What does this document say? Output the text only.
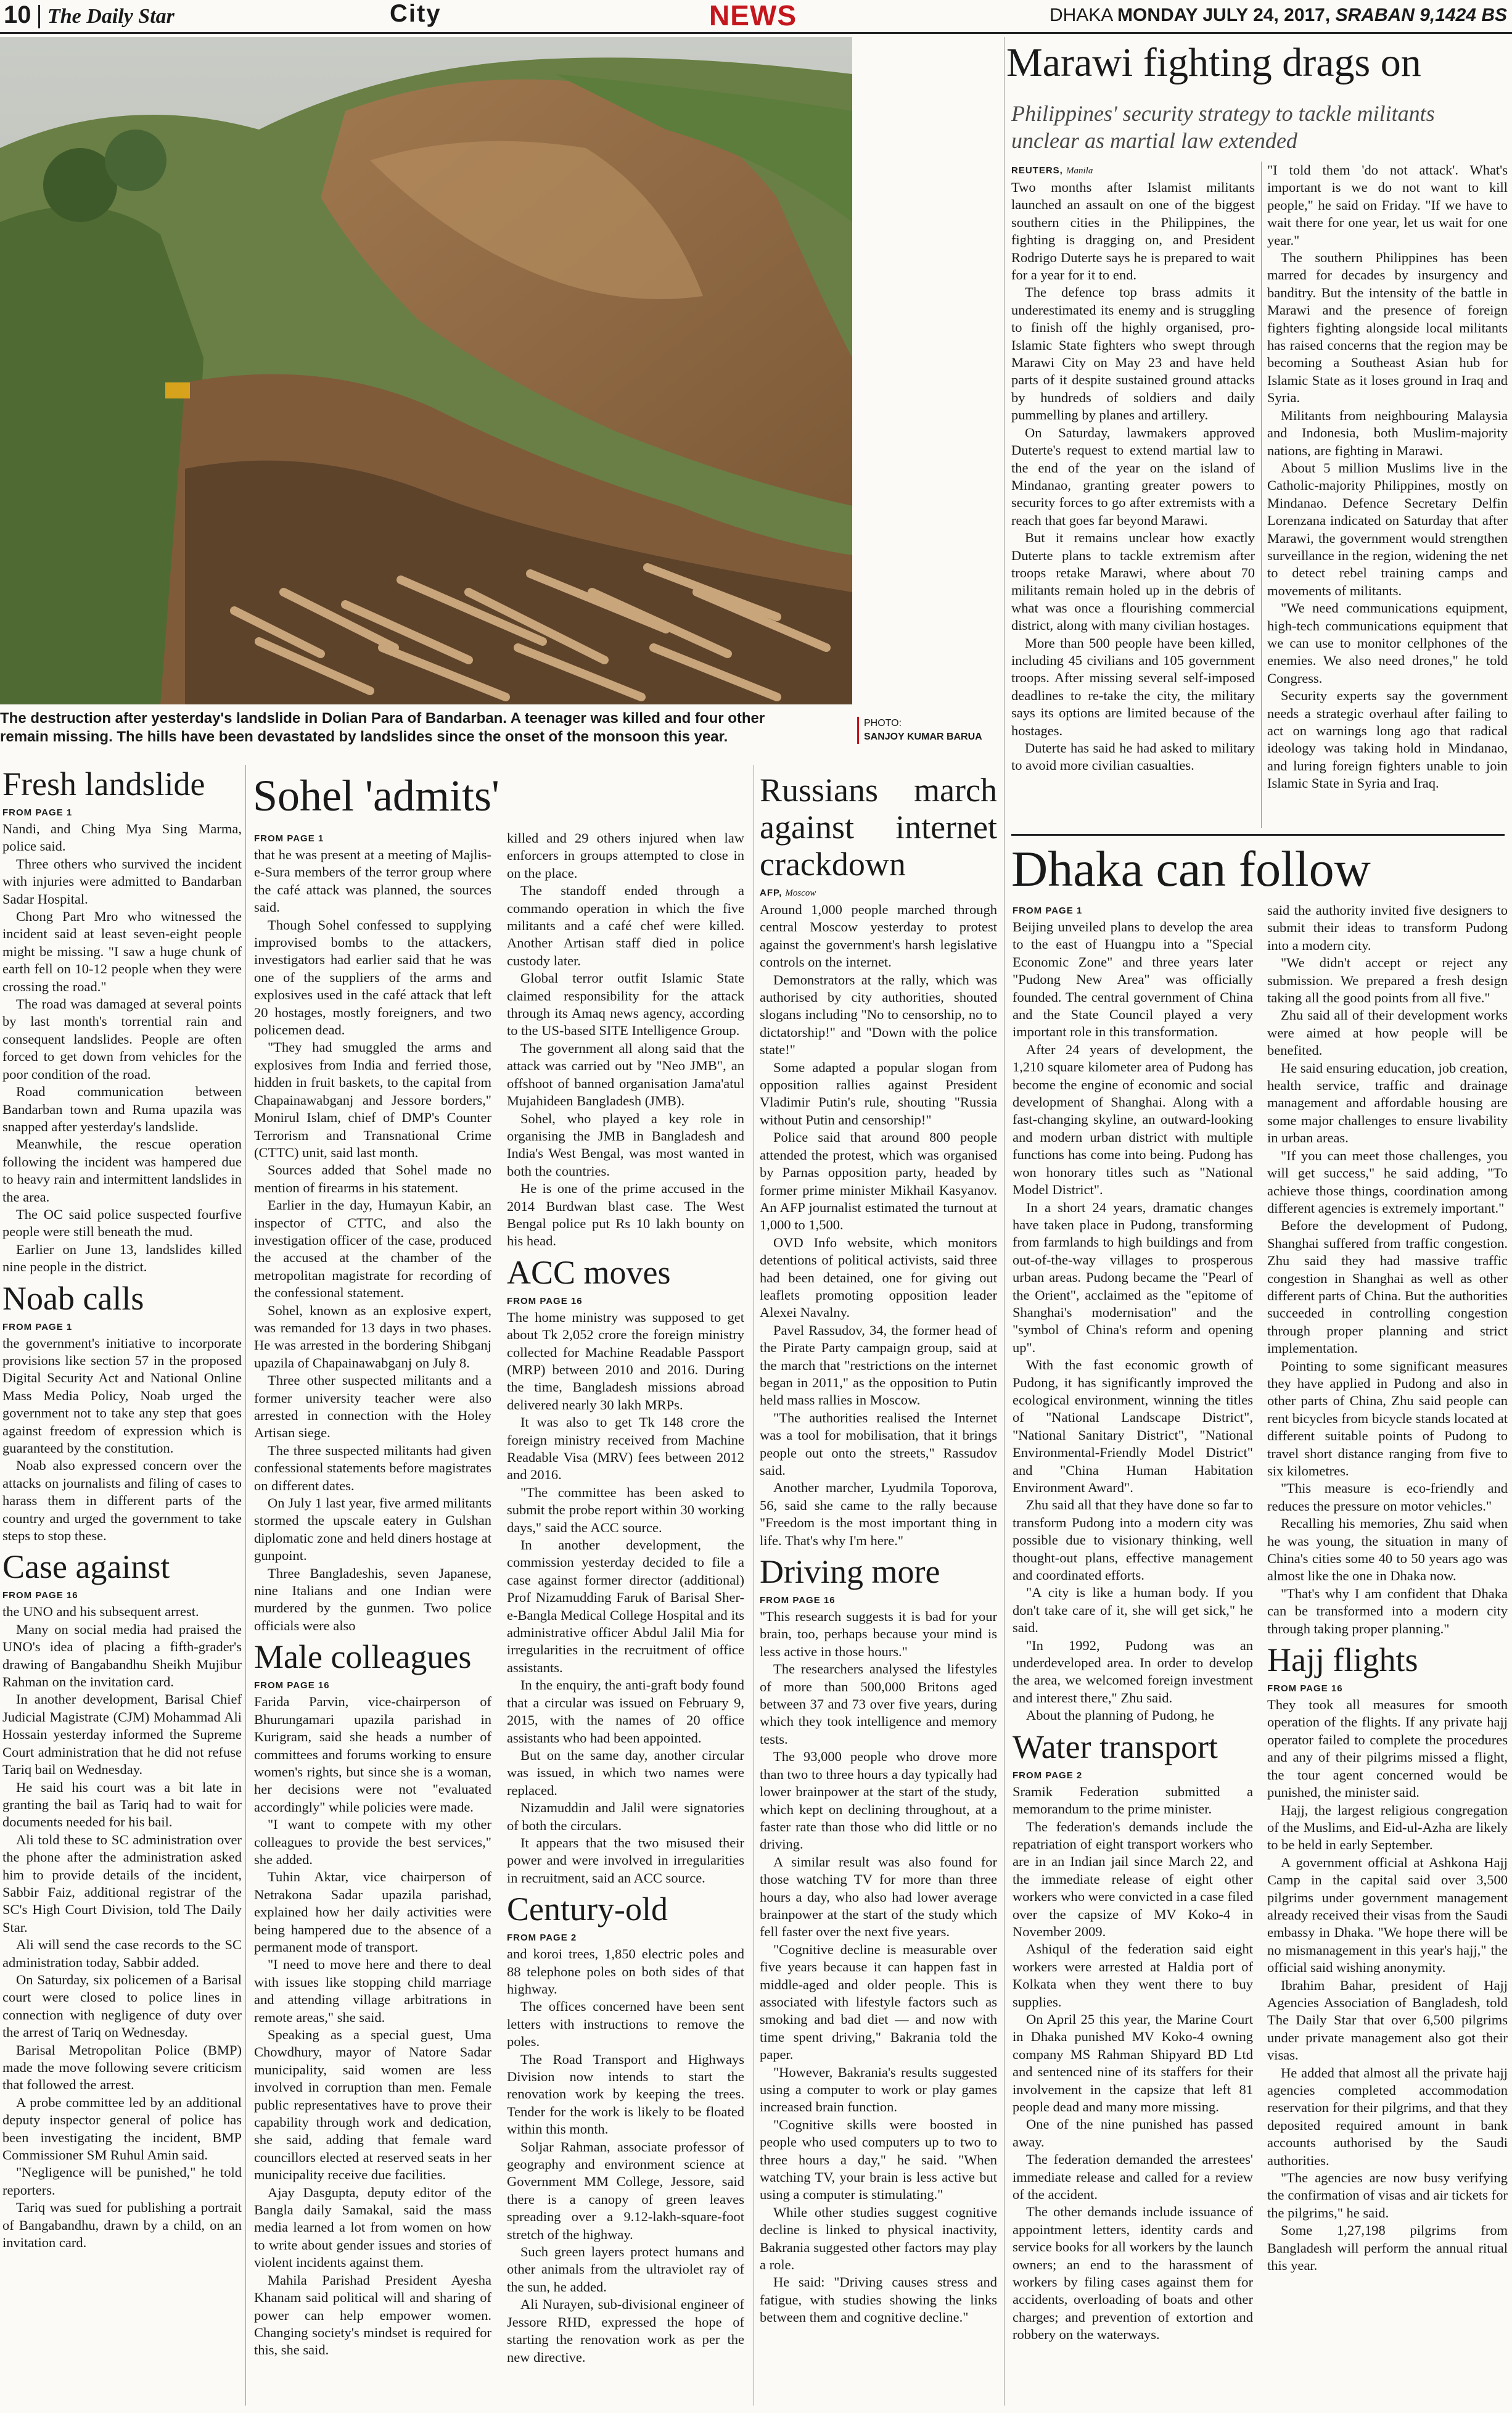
10 The Daily Star	City	NEWS	DHAKA MONDAY JULY 24, 2017, SRABAN 9,1424 BS
The destruction after yesterday's landslide in Dolian Para of Bandarban. A teenager was killed and four other remain missing. The hills have been devastated by landslides since the onset of the monsoon this year.
PHOTO:
SANJOY KUMAR BARUA
Marawi fighting drags on
Philippines' security strategy to tackle militants unclear as martial law extended
REUTERS, Manila

Two months after Islamist militants launched an assault on one of the biggest southern cities in the Philippines, the fighting is dragging on, and President Rodrigo Duterte says he is prepared to wait for a year for it to end.

The defence top brass admits it underestimated its enemy and is struggling to finish off the highly organised, pro-Islamic State fighters who swept through Marawi City on May 23 and have held parts of it despite sustained ground attacks by hundreds of soldiers and daily pummelling by planes and artillery.

On Saturday, lawmakers approved Duterte's request to extend martial law to the end of the year on the island of Mindanao, granting greater powers to security forces to go after extremists with a reach that goes far beyond Marawi.

But it remains unclear how exactly Duterte plans to tackle extremism after troops retake Marawi, where about 70 militants remain holed up in the debris of what was once a flourishing commercial district, along with many civilian hostages.

More than 500 people have been killed, including 45 civilians and 105 government troops. After missing several self-imposed deadlines to re-take the city, the military says its options are limited because of the hostages.

Duterte has said he had asked to military to avoid more civilian casualties.

"I told them 'do not attack'. What's important is we do not want to kill people," he said on Friday. "If we have to wait there for one year, let us wait for one year."

The southern Philippines has been marred for decades by insurgency and banditry. But the intensity of the battle in Marawi and the presence of foreign fighters fighting alongside local militants has raised concerns that the region may be becoming a Southeast Asian hub for Islamic State as it loses ground in Iraq and Syria.

Militants from neighbouring Malaysia and Indonesia, both Muslim-majority nations, are fighting in Marawi.

About 5 million Muslims live in the Catholic-majority Philippines, mostly on Mindanao. Defence Secretary Delfin Lorenzana indicated on Saturday that after Marawi, the government would strengthen surveillance in the region, widening the net to detect rebel training camps and movements of militants.

"We need communications equipment, high-tech communications equipment that we can use to monitor cellphones of the enemies. We also need drones," he told Congress.

Security experts say the government needs a strategic overhaul after failing to act on warnings long ago that radical ideology was taking hold in Mindanao, and luring foreign fighters unable to join Islamic State in Syria and Iraq.

Fresh landslide
FROM PAGE 1

Nandi, and Ching Mya Sing Marma, police said.

Three others who survived the incident with injuries were admitted to Bandarban Sadar Hospital.

Chong Part Mro who witnessed the incident said at least seven-eight people might be missing. "I saw a huge chunk of earth fell on 10-12 people when they were crossing the road."

The road was damaged at several points by last month's torrential rain and consequent landslides. People are often forced to get down from vehicles for the poor condition of the road.

Road communication between Bandarban town and Ruma upazila was snapped after yesterday's landslide.

Meanwhile, the rescue operation following the incident was hampered due to heavy rain and intermittent landslides in the area.

The OC said police suspected fourfive people were still beneath the mud.

Earlier on June 13, landslides killed nine people in the district.

Noab calls
FROM PAGE 1

the government's initiative to incorporate provisions like section 57 in the proposed Digital Security Act and National Online Mass Media Policy, Noab urged the government not to take any step that goes against freedom of expression which is guaranteed by the constitution.

Noab also expressed concern over the attacks on journalists and filing of cases to harass them in different parts of the country and urged the government to take steps to stop these.

Case against
FROM PAGE 16

the UNO and his subsequent arrest.

Many on social media had praised the UNO's idea of placing a fifth-grader's drawing of Bangabandhu Sheikh Mujibur Rahman on the invitation card.

In another development, Barisal Chief Judicial Magistrate (CJM) Mohammad Ali Hossain yesterday informed the Supreme Court administration that he did not refuse Tariq bail on Wednesday.

He said his court was a bit late in granting the bail as Tariq had to wait for documents needed for his bail.

Ali told these to SC administration over the phone after the administration asked him to provide details of the incident, Sabbir Faiz, additional registrar of the SC's High Court Division, told The Daily Star.

Ali will send the case records to the SC administration today, Sabbir added.

On Saturday, six policemen of a Barisal court were closed to police lines in connection with negligence of duty over the arrest of Tariq on Wednesday.

Barisal Metropolitan Police (BMP) made the move following severe criticism that followed the arrest.

A probe committee led by an additional deputy inspector general of police has been investigating the incident, BMP Commissioner SM Ruhul Amin said.

"Negligence will be punished," he told reporters.

Tariq was sued for publishing a portrait of Bangabandhu, drawn by a child, on an invitation card.

Sohel 'admits'
FROM PAGE 1

that he was present at a meeting of Majlis-e-Sura members of the terror group where the café attack was planned, the sources said.

Though Sohel confessed to supplying improvised bombs to the attackers, investigators had earlier said that he was one of the suppliers of the arms and explosives used in the café attack that left 20 hostages, mostly foreigners, and two policemen dead.

"They had smuggled the arms and explosives from India and ferried those, hidden in fruit baskets, to the capital from Chapainawabganj and Jessore borders," Monirul Islam, chief of DMP's Counter Terrorism and Transnational Crime (CTTC) unit, said last month.

Sources added that Sohel made no mention of firearms in his statement.

Earlier in the day, Humayun Kabir, an inspector of CTTC, and also the investigation officer of the case, produced the accused at the chamber of the metropolitan magistrate for recording of the confessional statement.

Sohel, known as an explosive expert, was remanded for 13 days in two phases. He was arrested in the bordering Shibganj upazila of Chapainawabganj on July 8.

Three other suspected militants and a former university teacher were also arrested in connection with the Holey Artisan siege.

The three suspected militants had given confessional statements before magistrates on different dates.

On July 1 last year, five armed militants stormed the upscale eatery in Gulshan diplomatic zone and held diners hostage at gunpoint.

Three Bangladeshis, seven Japanese, nine Italians and one Indian were murdered by the gunmen. Two police officials were also

Male colleagues
FROM PAGE 16

Farida Parvin, vice-chairperson of Bhurungamari upazila parishad in Kurigram, said she heads a number of committees and forums working to ensure women's rights, but since she is a woman, her decisions were not "evaluated accordingly" while policies were made.

"I want to compete with my other colleagues to provide the best services," she added.

Tuhin Aktar, vice chairperson of Netrakona Sadar upazila parishad, explained how her daily activities were being hampered due to the absence of a permanent mode of transport.

"I need to move here and there to deal with issues like stopping child marriage and attending village arbitrations in remote areas," she said.

Speaking as a special guest, Uma Chowdhury, mayor of Natore Sadar municipality, said women are less involved in corruption than men. Female public representatives have to prove their capability through work and dedication, she said, adding that female ward councillors elected at reserved seats in her municipality receive due facilities.

Ajay Dasgupta, deputy editor of the Bangla daily Samakal, said the mass media learned a lot from women on how to write about gender issues and stories of violent incidents against them.

Mahila Parishad President Ayesha Khanam said political will and sharing of power can help empower women. Changing society's mindset is required for this, she said.

killed and 29 others injured when law enforcers in groups attempted to close in on the place.

The standoff ended through a commando operation in which the five militants and a café chef were killed. Another Artisan staff died in police custody later.

Global terror outfit Islamic State claimed responsibility for the attack through its Amaq news agency, according to the US-based SITE Intelligence Group.

The government all along said that the attack was carried out by "Neo JMB", an offshoot of banned organisation Jama'atul Mujahideen Bangladesh (JMB).

Sohel, who played a key role in organising the JMB in Bangladesh and India's West Bengal, was most wanted in both the countries.

He is one of the prime accused in the 2014 Burdwan blast case. The West Bengal police put Rs 10 lakh bounty on his head.

ACC moves
FROM PAGE 16

The home ministry was supposed to get about Tk 2,052 crore the foreign ministry collected for Machine Readable Passport (MRP) between 2010 and 2016. During the time, Bangladesh missions abroad delivered nearly 30 lakh MRPs.

It was also to get Tk 148 crore the foreign ministry received from Machine Readable Visa (MRV) fees between 2012 and 2016.

"The committee has been asked to submit the probe report within 30 working days," said the ACC source.

In another development, the commission yesterday decided to file a case against former director (additional) Prof Nizamudding Faruk of Barisal Sher-e-Bangla Medical College Hospital and its administrative officer Abdul Jalil Mia for irregularities in the recruitment of office assistants.

In the enquiry, the anti-graft body found that a circular was issued on February 9, 2015, with the names of 20 office assistants who had been appointed.

But on the same day, another circular was issued, in which two names were replaced.

Nizamuddin and Jalil were signatories of both the circulars.

It appears that the two misused their power and were involved in irregularities in recruitment, said an ACC source.

Century-old
FROM PAGE 2

and koroi trees, 1,850 electric poles and 88 telephone poles on both sides of that highway.

The offices concerned have been sent letters with instructions to remove the poles.

The Road Transport and Highways Division now intends to start the renovation work by keeping the trees. Tender for the work is likely to be floated within this month.

Soljar Rahman, associate professor of geography and environment science at Government MM College, Jessore, said there is a canopy of green leaves spreading over a 9.12-lakh-square-foot stretch of the highway.

Such green layers protect humans and other animals from the ultraviolet ray of the sun, he added.

Ali Nurayen, sub-divisional engineer of Jessore RHD, expressed the hope of starting the renovation work as per the new directive.

Russians march against internet crackdown
AFP, Moscow

Around 1,000 people marched through central Moscow yesterday to protest against the government's harsh legislative controls on the internet.

Demonstrators at the rally, which was authorised by city authorities, shouted slogans including "No to censorship, no to dictatorship!" and "Down with the police state!"

Some adapted a popular slogan from opposition rallies against President Vladimir Putin's rule, shouting "Russia without Putin and censorship!"

Police said that around 800 people attended the protest, which was organised by Parnas opposition party, headed by former prime minister Mikhail Kasyanov. An AFP journalist estimated the turnout at 1,000 to 1,500.

OVD Info website, which monitors detentions of political activists, said three had been detained, one for giving out leaflets promoting opposition leader Alexei Navalny.

Pavel Rassudov, 34, the former head of the Pirate Party campaign group, said at the march that "restrictions on the internet began in 2011," as the opposition to Putin held mass rallies in Moscow.

"The authorities realised the Internet was a tool for mobilisation, that it brings people out onto the streets," Rassudov said.

Another marcher, Lyudmila Toporova, 56, said she came to the rally because "Freedom is the most important thing in life. That's why I'm here."

Driving more
FROM PAGE 16

"This research suggests it is bad for your brain, too, perhaps because your mind is less active in those hours."

The researchers analysed the lifestyles of more than 500,000 Britons aged between 37 and 73 over five years, during which they took intelligence and memory tests.

The 93,000 people who drove more than two to three hours a day typically had lower brainpower at the start of the study, which kept on declining throughout, at a faster rate than those who did little or no driving.

A similar result was also found for those watching TV for more than three hours a day, who also had lower average brainpower at the start of the study which fell faster over the next five years.

"Cognitive decline is measurable over five years because it can happen fast in middle-aged and older people. This is associated with lifestyle factors such as smoking and bad diet — and now with time spent driving," Bakrania told the paper.

"However, Bakrania's results suggested using a computer to work or play games increased brain function.

"Cognitive skills were boosted in people who used computers up to two to three hours a day," he said. "When watching TV, your brain is less active but using a computer is stimulating."

While other studies suggest cognitive decline is linked to physical inactivity, Bakrania suggested other factors may play a role.

He said: "Driving causes stress and fatigue, with studies showing the links between them and cognitive decline."

Dhaka can follow
FROM PAGE 1

Beijing unveiled plans to develop the area to the east of Huangpu into a "Special Economic Zone" and three years later "Pudong New Area" was officially founded. The central government of China and the State Council played a very important role in this transformation.

After 24 years of development, the 1,210 square kilometer area of Pudong has become the engine of economic and social development of Shanghai. Along with a fast-changing skyline, an outward-looking and modern urban district with multiple functions has come into being. Pudong has won honorary titles such as "National Model District".

In a short 24 years, dramatic changes have taken place in Pudong, transforming from farmlands to high buildings and from out-of-the-way villages to prosperous urban areas. Pudong became the "Pearl of the Orient", acclaimed as the "epitome of Shanghai's modernisation" and the "symbol of China's reform and opening up".

With the fast economic growth of Pudong, it has significantly improved the ecological environment, winning the titles of "National Landscape District", "National Sanitary District", "National Environmental-Friendly Model District" and "China Human Habitation Environment Award".

Zhu said all that they have done so far to transform Pudong into a modern city was possible due to visionary thinking, well thought-out plans, effective management and coordinated efforts.

"A city is like a human body. If you don't take care of it, she will get sick," he said.

"In 1992, Pudong was an underdeveloped area. In order to develop the area, we welcomed foreign investment and interest there," Zhu said.

About the planning of Pudong, he

Water transport
FROM PAGE 2

Sramik Federation submitted a memorandum to the prime minister.

The federation's demands include the repatriation of eight transport workers who are in an Indian jail since March 22, and the immediate release of eight other workers who were convicted in a case filed over the capsize of MV Koko-4 in November 2009.

Ashiqul of the federation said eight workers were arrested at Haldia port of Kolkata when they went there to buy supplies.

On April 25 this year, the Marine Court in Dhaka punished MV Koko-4 owning company MS Rahman Shipyard BD Ltd and sentenced nine of its staffers for their involvement in the capsize that left 81 people dead and many more missing.

One of the nine punished has passed away.

The federation demanded the arrestees' immediate release and called for a review of the accident.

The other demands include issuance of appointment letters, identity cards and service books for all workers by the launch owners; an end to the harassment of workers by filing cases against them for accidents, overloading of boats and other charges; and prevention of extortion and robbery on the waterways.

said the authority invited five designers to submit their ideas to transform Pudong into a modern city.

"We didn't accept or reject any submission. We prepared a fresh design taking all the good points from all five."

Zhu said all of their development works were aimed at how people will be benefited.

He said ensuring education, job creation, health service, traffic and drainage management and affordable housing are some major challenges to ensure livability in urban areas.

"If you can meet those challenges, you will get success," he said adding, "To achieve those things, coordination among different agencies is extremely important."

Before the development of Pudong, Shanghai suffered from traffic congestion. Zhu said they had massive traffic congestion in Shanghai as well as other different parts of China. But the authorities succeeded in controlling congestion through proper planning and strict implementation.

Pointing to some significant measures they have applied in Pudong and also in other parts of China, Zhu said people can rent bicycles from bicycle stands located at different suitable points of Pudong to travel short distance ranging from five to six kilometres.

"This measure is eco-friendly and reduces the pressure on motor vehicles."

Recalling his memories, Zhu said when he was young, the situation in many of China's cities some 40 to 50 years ago was almost like the one in Dhaka now.

"That's why I am confident that Dhaka can be transformed into a modern city through taking proper planning."

Hajj flights
FROM PAGE 16

They took all measures for smooth operation of the flights. If any private hajj operator failed to complete the procedures and any of their pilgrims missed a flight, the tour agent concerned would be punished, the minister said.

Hajj, the largest religious congregation of the Muslims, and Eid-ul-Azha are likely to be held in early September.

A government official at Ashkona Hajj Camp in the capital said over 3,500 pilgrims under government management already received their visas from the Saudi embassy in Dhaka. "We hope there will be no mismanagement in this year's hajj," the official said wishing anonymity.

Ibrahim Bahar, president of Hajj Agencies Association of Bangladesh, told The Daily Star that over 6,500 pilgrims under private management also got their visas.

He added that almost all the private hajj agencies completed accommodation reservation for their pilgrims, and that they deposited required amount in bank accounts authorised by the Saudi authorities.

"The agencies are now busy verifying the confirmation of visas and air tickets for the pilgrims," he said.

Some 1,27,198 pilgrims from Bangladesh will perform the annual ritual this year.
